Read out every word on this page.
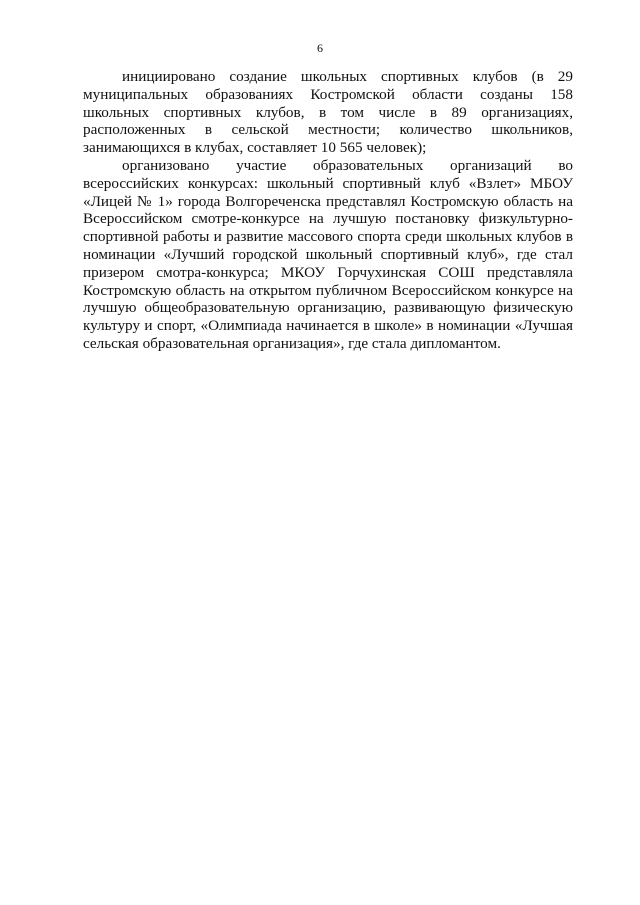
6

инициировано создание школьных спортивных клубов (в 29 муниципальных образованиях Костромской области созданы 158 школьных спортивных клубов, в том числе в 89 организациях, расположенных в сельской местности; количество школьников, занимающихся в клубах, составляет 10 565 человек);

организовано участие образовательных организаций во всероссийских конкурсах: школьный спортивный клуб «Взлет» МБОУ «Лицей № 1» города Волгореченска представлял Костромскую область на Всероссийском смотре-конкурсе на лучшую постановку физкультурно-спортивной работы и развитие массового спорта среди школьных клубов в номинации «Лучший городской школьный спортивный клуб», где стал призером смотра-конкурса; МКОУ Горчухинская СОШ представляла Костромскую область на открытом публичном Всероссийском конкурсе на лучшую общеобразовательную организацию, развивающую физическую культуру и спорт, «Олимпиада начинается в школе» в номинации «Лучшая сельская образовательная организация», где стала дипломантом.
